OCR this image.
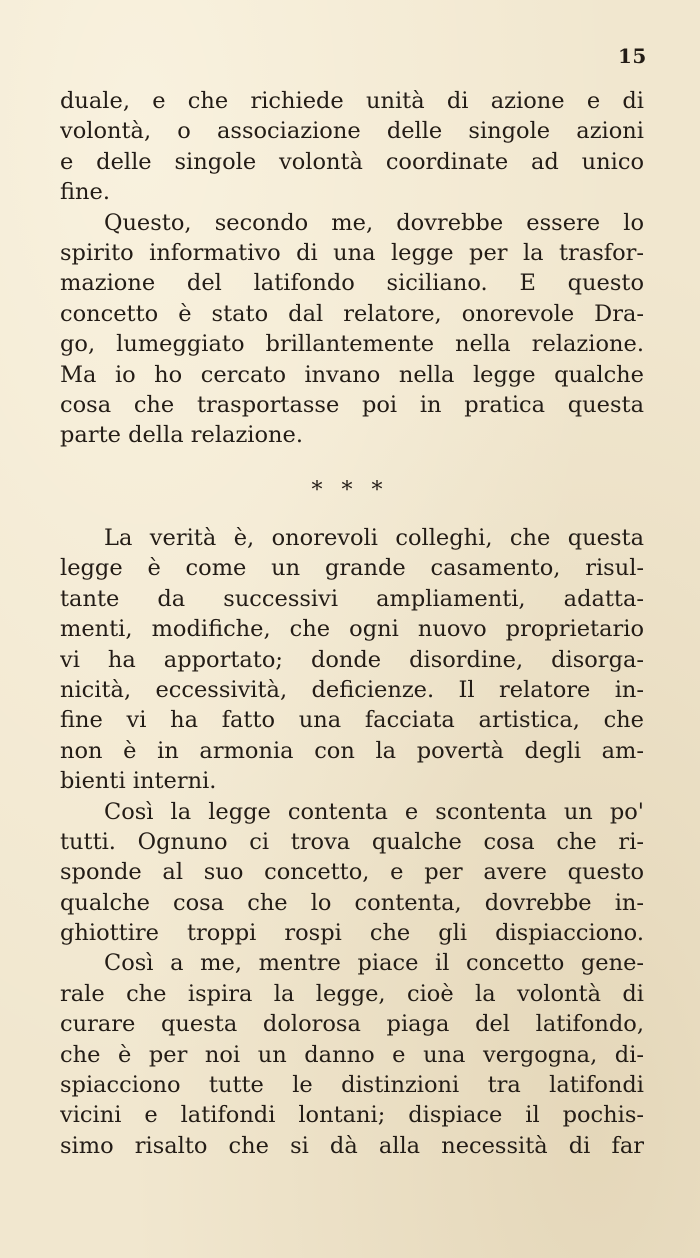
15
duale, e che richiede unità di azione e di
volontà, o associazione delle singole azioni
e delle singole volontà coordinate ad unico
fine.
Questo, secondo me, dovrebbe essere lo
spirito informativo di una legge per la trasfor-
mazione del latifondo siciliano. E questo
concetto è stato dal relatore, onorevole Dra-
go, lumeggiato brillantemente nella relazione.
Ma io ho cercato invano nella legge qualche
cosa che trasportasse poi in pratica questa
parte della relazione.
* * *
La verità è, onorevoli colleghi, che questa
legge è come un grande casamento, risul-
tante da successivi ampliamenti, adatta-
menti, modifiche, che ogni nuovo proprietario
vi ha apportato; donde disordine, disorga-
nicità, eccessività, deficienze. Il relatore in-
fine vi ha fatto una facciata artistica, che
non è in armonia con la povertà degli am-
bienti interni.
Così la legge contenta e scontenta un po'
tutti. Ognuno ci trova qualche cosa che ri-
sponde al suo concetto, e per avere questo
qualche cosa che lo contenta, dovrebbe in-
ghiottire troppi rospi che gli dispiacciono.
Così a me, mentre piace il concetto gene-
rale che ispira la legge, cioè la volontà di
curare questa dolorosa piaga del latifondo,
che è per noi un danno e una vergogna, di-
spiacciono tutte le distinzioni tra latifondi
vicini e latifondi lontani; dispiace il pochis-
simo risalto che si dà alla necessità di far
